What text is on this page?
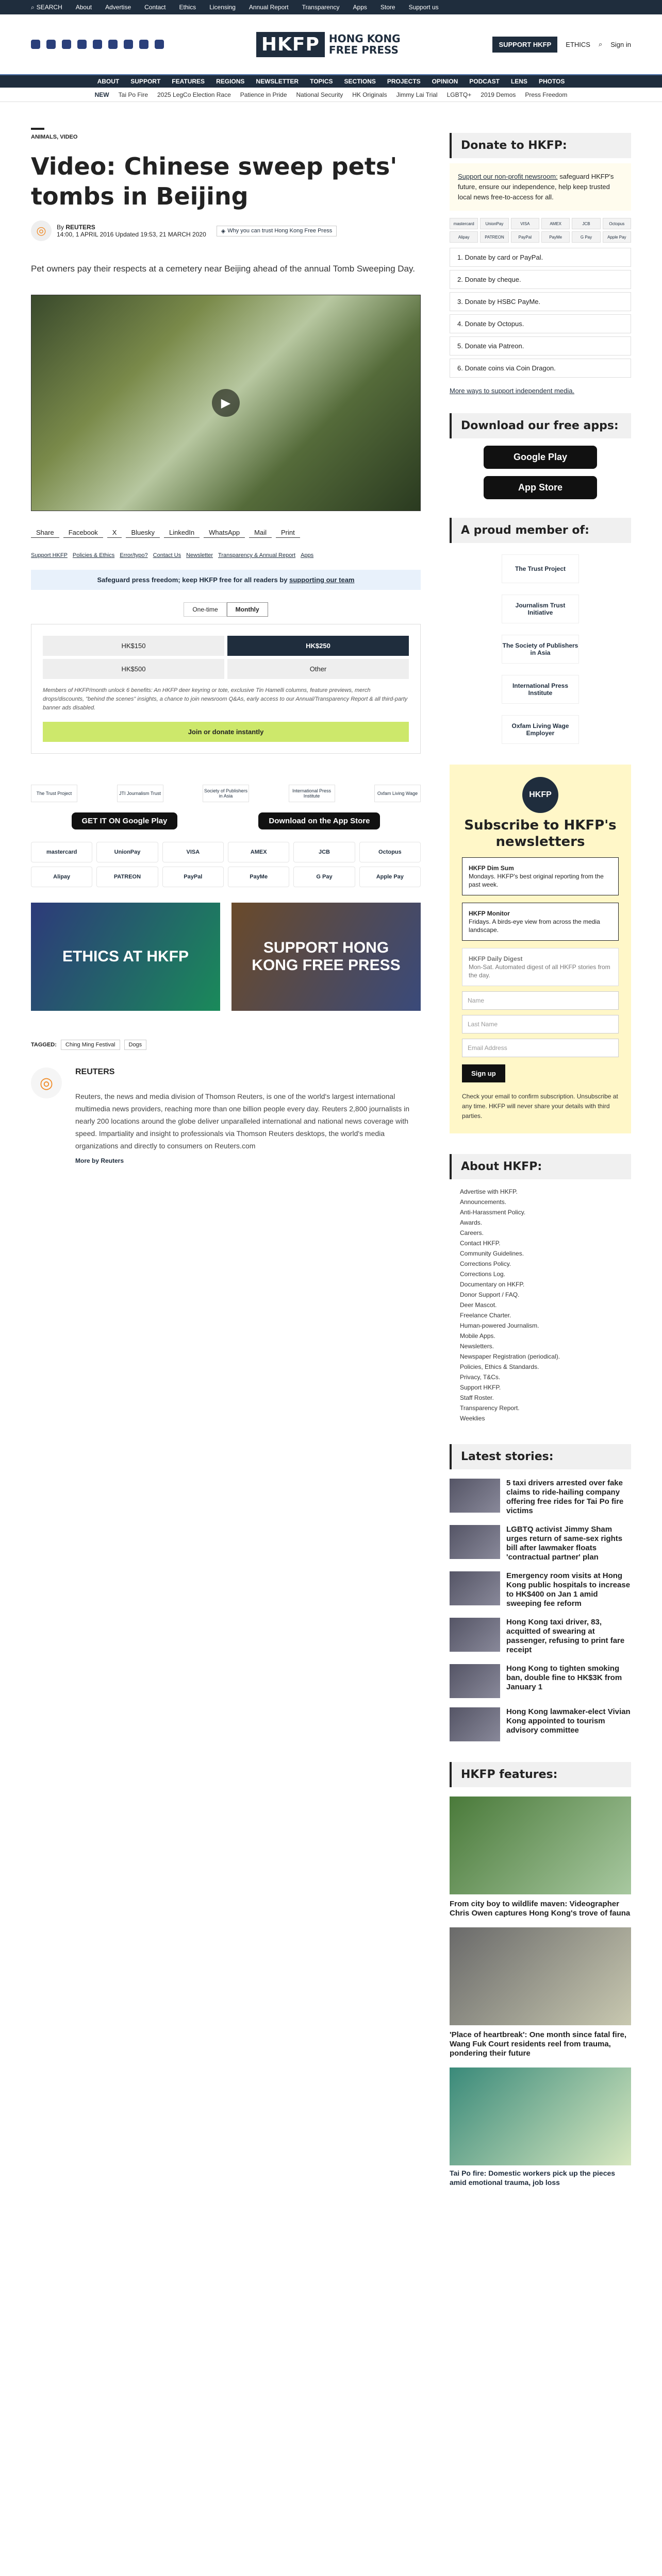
⌕ SEARCH About Advertise Contact Ethics Licensing Annual Report Transparency Apps Store Support us
HKFP HONG KONG
FREE PRESS	SUPPORT HKFP	ETHICS ⌕ Sign in
ABOUT SUPPORT FEATURES REGIONS NEWSLETTER TOPICS SECTIONS PROJECTS OPINION PODCAST LENS PHOTOS
NEW Tai Po Fire 2025 LegCo Election Race Patience in Pride National Security HK Originals Jimmy Lai Trial LGBTQ+ 2019 Demos Press Freedom
ANIMALS, VIDEO
Video: Chinese sweep pets' tombs in Beijing
◎	By REUTERS
14:00, 1 APRIL 2016 Updated 19:53, 21 MARCH 2020	◈ Why you can trust Hong Kong Free Press

Pet owners pay their respects at a cemetery near Beijing ahead of the annual Tomb Sweeping Day.

▶
Share	Facebook	X	Bluesky	LinkedIn	WhatsApp	Mail	Print
Support HKFP Policies & Ethics Error/typo? Contact Us Newsletter Transparency & Annual Report Apps
Safeguard press freedom; keep HKFP free for all readers by supporting our team
One-time	Monthly
HK$150	HK$250
HK$500	Other

Members of HKFP/month unlock 6 benefits: An HKFP deer keyring or tote, exclusive Tin Hamelli columns, feature previews, merch drops/discounts, "behind the scenes" insights, a chance to join newsroom Q&As, early access to our Annual/Transparency Report & all third-party banner ads disabled.

Join or donate instantly
The Trust Project	JTI Journalism Trust	Society of Publishers in Asia
International Press Institute	Oxfam Living Wage
GET IT ON Google Play	Download on the App Store
mastercard	UnionPay	VISA	AMEX	JCB	Octopus
Alipay	PATREON	PayPal	PayMe	G Pay	Apple Pay
ETHICS AT HKFP
SUPPORT HONG KONG FREE PRESS
TAGGED:	Ching Ming Festival	Dogs
◎
REUTERS

Reuters, the news and media division of Thomson Reuters, is one of the world's largest international multimedia news providers, reaching more than one billion people every day. Reuters 2,800 journalists in nearly 200 locations around the globe deliver unparalleled international and national news coverage with speed. Impartiality and insight to professionals via Thomson Reuters desktops, the world's media organizations and directly to consumers on Reuters.com

More by Reuters
Donate to HKFP:
Support our non-profit newsroom: safeguard HKFP's future, ensure our independence, help keep trusted local news free-to-access for all.
mastercard	UnionPay	VISA	AMEX	JCB	Octopus
Alipay	PATREON	PayPal	PayMe	G Pay	Apple Pay
1. Donate by card or PayPal.
2. Donate by cheque.
3. Donate by HSBC PayMe.
4. Donate by Octopus.
5. Donate via Patreon.
6. Donate coins via Coin Dragon.
More ways to support independent media.
Download our free apps:
Google Play
App Store
A proud member of:
The Trust Project
Journalism Trust Initiative
The Society of Publishers in Asia
International Press Institute
Oxfam Living Wage Employer
HKFP
Subscribe to HKFP's newsletters
HKFP Dim Sum
Mondays. HKFP's best original reporting from the past week.
HKFP Monitor
Fridays. A birds-eye view from across the media landscape.
HKFP Daily Digest
Mon-Sat. Automated digest of all HKFP stories from the day.
Name
Last Name
Email Address
Sign up

Check your email to confirm subscription. Unsubscribe at any time. HKFP will never share your details with third parties.

About HKFP:
Advertise with HKFP.
Announcements.
Anti-Harassment Policy.
Awards.
Careers.
Contact HKFP.
Community Guidelines.
Corrections Policy.
Corrections Log.
Documentary on HKFP.
Donor Support / FAQ.
Deer Mascot.
Freelance Charter.
Human-powered Journalism.
Mobile Apps.
Newsletters.
Newspaper Registration (periodical).
Policies, Ethics & Standards.
Privacy, T&Cs.
Support HKFP.
Staff Roster.
Transparency Report.
Weeklies
Latest stories:
5 taxi drivers arrested over fake claims to ride-hailing company offering free rides for Tai Po fire victims
LGBTQ activist Jimmy Sham urges return of same-sex rights bill after lawmaker floats 'contractual partner' plan
Emergency room visits at Hong Kong public hospitals to increase to HK$400 on Jan 1 amid sweeping fee reform
Hong Kong taxi driver, 83, acquitted of swearing at passenger, refusing to print fare receipt
Hong Kong to tighten smoking ban, double fine to HK$3K from January 1
Hong Kong lawmaker-elect Vivian Kong appointed to tourism advisory committee
HKFP features:
From city boy to wildlife maven: Videographer Chris Owen captures Hong Kong's trove of fauna
'Place of heartbreak': One month since fatal fire, Wang Fuk Court residents reel from trauma, pondering their future
Tai Po fire: Domestic workers pick up the pieces amid emotional trauma, job loss
